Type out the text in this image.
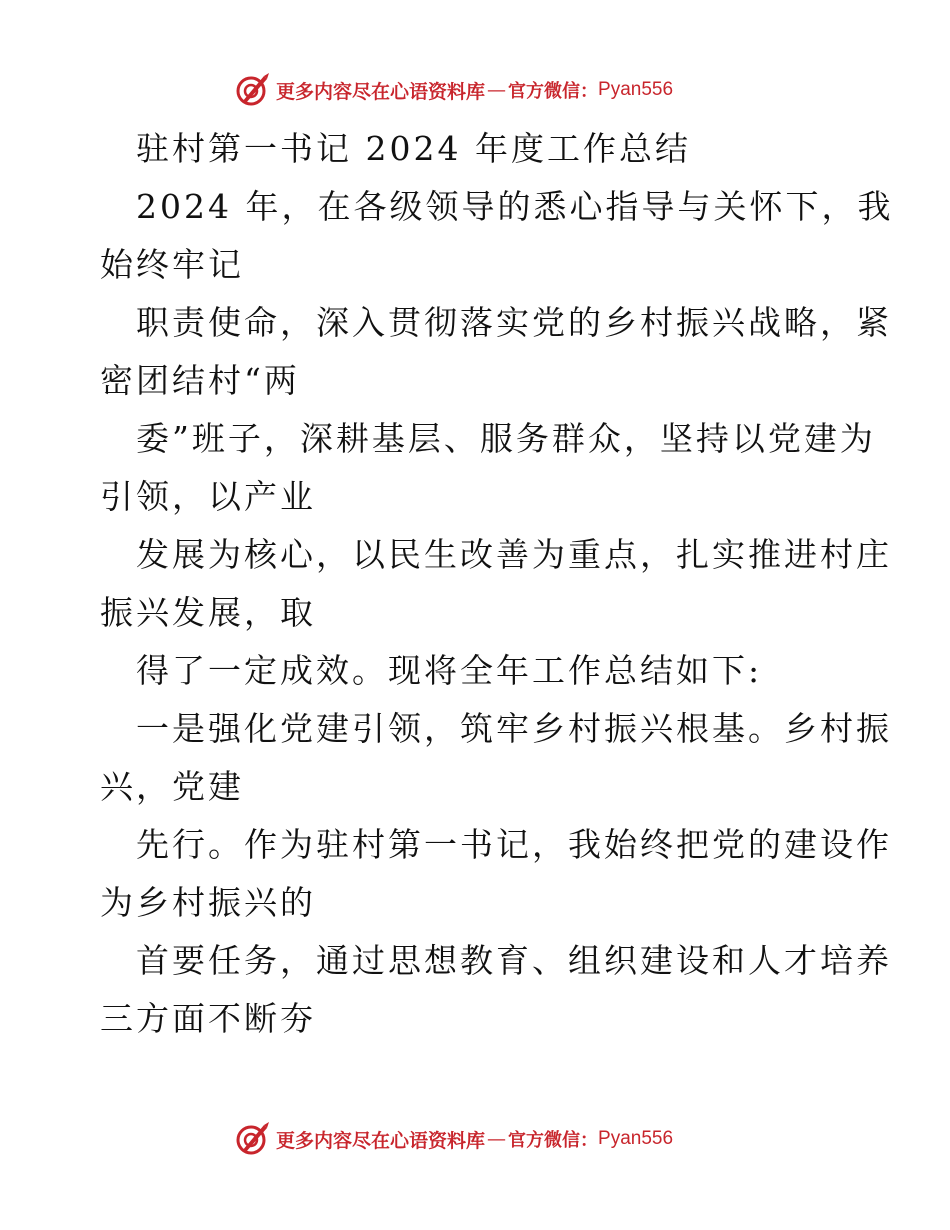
更多内容尽在心语资料库 — 官方微信： Pyan556
驻村第一书记 2024 年度工作总结
2024 年，在各级领导的悉心指导与关怀下，我
始终牢记
职责使命，深入贯彻落实党的乡村振兴战略，紧
密团结村“两
委”班子，深耕基层、服务群众，坚持以党建为
引领，以产业
发展为核心，以民生改善为重点，扎实推进村庄
振兴发展，取
得了一定成效。现将全年工作总结如下:
一是强化党建引领，筑牢乡村振兴根基。乡村振
兴，党建
先行。作为驻村第一书记，我始终把党的建设作
为乡村振兴的
首要任务，通过思想教育、组织建设和人才培养
三方面不断夯
更多内容尽在心语资料库 — 官方微信： Pyan556
